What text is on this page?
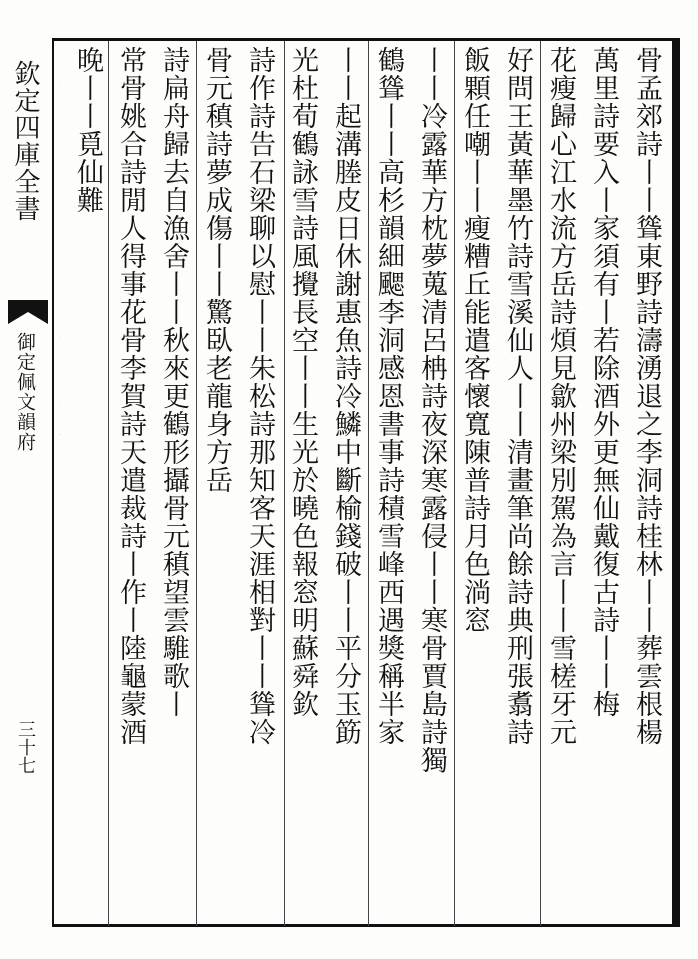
欽定四庫全書
御定佩文韻府
三十七
骨孟郊詩丨丨聳東野詩濤湧退之李洞詩桂林丨丨葬雲根楊
萬里詩要入丨家須有丨若除酒外更無仙戴復古詩丨丨梅
花瘦歸心江水流方岳詩煩見歙州梁別駕為言丨丨雪槎牙元
好問王黃華墨竹詩雪溪仙人丨丨清畫筆尚餘詩典刑張翥詩
飯顆任嘲丨丨瘦糟丘能遣客懷寬陳普詩月色淌窓
丨丨冷露華方枕夢蒐清呂柟詩夜深寒露侵丨丨寒骨賈島詩獨
鶴聳丨丨高杉韻細颸李洞感恩書事詩積雪峰西遇獎稱半家
丨丨起溝塍皮日休謝惠魚詩冷鱗中斷榆錢破丨丨平分玉筯
光杜荀鶴詠雪詩風攪長空丨丨生光於曉色報窓明蘇舜欽
詩作詩告石梁聊以慰丨丨朱松詩那知客天涯相對丨丨聳冷
骨元稹詩夢成傷丨丨驚臥老龍身方岳
詩扁舟歸去自漁舍丨丨秋來更鶴形攝骨元稹望雲騅歌丨
常骨姚合詩閒人得事花骨李賀詩天遣裁詩丨作丨陸龜蒙酒
晚丨丨覓仙難
